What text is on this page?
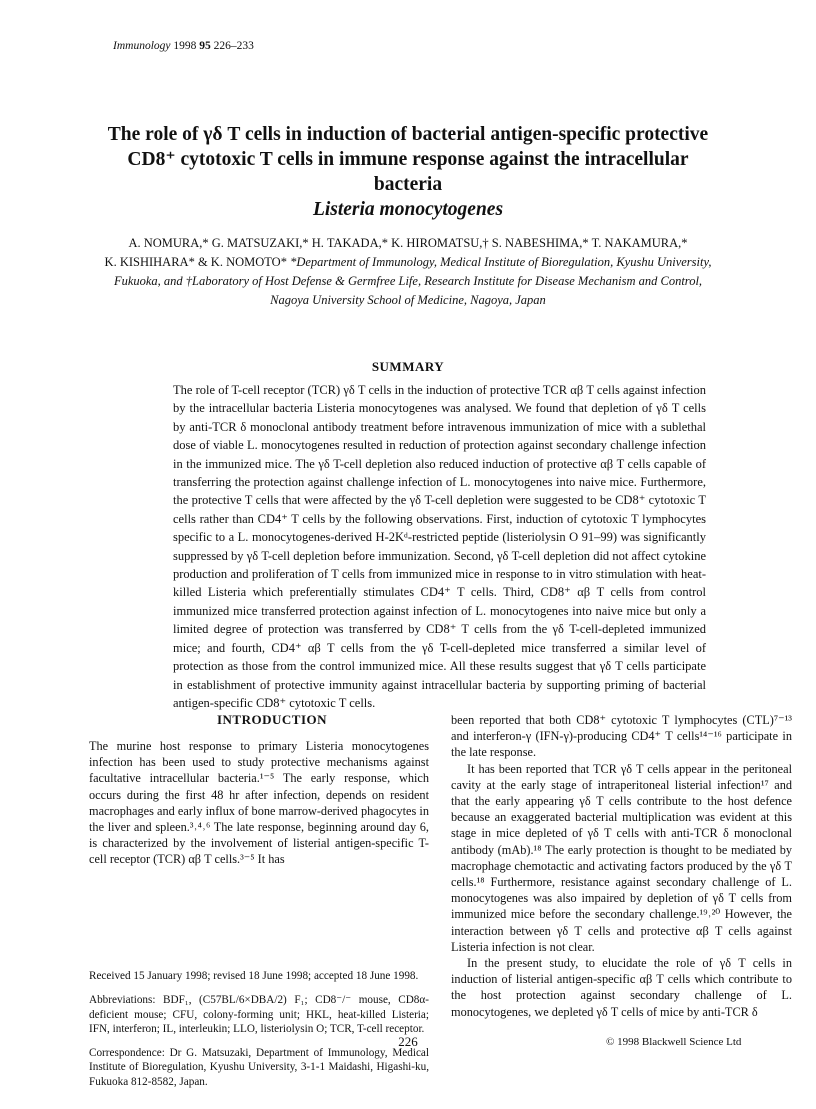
Immunology 1998 95 226–233
The role of γδ T cells in induction of bacterial antigen-specific protective
CD8⁺ cytotoxic T cells in immune response against the intracellular bacteria
Listeria monocytogenes
A. NOMURA,* G. MATSUZAKI,* H. TAKADA,* K. HIROMATSU,† S. NABESHIMA,* T. NAKAMURA,*
K. KISHIHARA* & K. NOMOTO* *Department of Immunology, Medical Institute of Bioregulation, Kyushu University, Fukuoka, and †Laboratory of Host Defense & Germfree Life, Research Institute for Disease Mechanism and Control, Nagoya University School of Medicine, Nagoya, Japan
SUMMARY
The role of T-cell receptor (TCR) γδ T cells in the induction of protective TCR αβ T cells against infection by the intracellular bacteria Listeria monocytogenes was analysed. We found that depletion of γδ T cells by anti-TCR δ monoclonal antibody treatment before intravenous immunization of mice with a sublethal dose of viable L. monocytogenes resulted in reduction of protection against secondary challenge infection in the immunized mice. The γδ T-cell depletion also reduced induction of protective αβ T cells capable of transferring the protection against challenge infection of L. monocytogenes into naive mice. Furthermore, the protective T cells that were affected by the γδ T-cell depletion were suggested to be CD8⁺ cytotoxic T cells rather than CD4⁺ T cells by the following observations. First, induction of cytotoxic T lymphocytes specific to a L. monocytogenes-derived H-2Kᵈ-restricted peptide (listeriolysin O 91–99) was significantly suppressed by γδ T-cell depletion before immunization. Second, γδ T-cell depletion did not affect cytokine production and proliferation of T cells from immunized mice in response to in vitro stimulation with heat-killed Listeria which preferentially stimulates CD4⁺ T cells. Third, CD8⁺ αβ T cells from control immunized mice transferred protection against infection of L. monocytogenes into naive mice but only a limited degree of protection was transferred by CD8⁺ T cells from the γδ T-cell-depleted immunized mice; and fourth, CD4⁺ αβ T cells from the γδ T-cell-depleted mice transferred a similar level of protection as those from the control immunized mice. All these results suggest that γδ T cells participate in establishment of protective immunity against intracellular bacteria by supporting priming of bacterial antigen-specific CD8⁺ cytotoxic T cells.
INTRODUCTION

The murine host response to primary Listeria monocytogenes infection has been used to study protective mechanisms against facultative intracellular bacteria.¹⁻⁵ The early response, which occurs during the first 48 hr after infection, depends on resident macrophages and early influx of bone marrow-derived phagocytes in the liver and spleen.³˒⁴˒⁶ The late response, beginning around day 6, is characterized by the involvement of listerial antigen-specific T-cell receptor (TCR) αβ T cells.³⁻⁵ It has

been reported that both CD8⁺ cytotoxic T lymphocytes (CTL)⁷⁻¹³ and interferon-γ (IFN-γ)-producing CD4⁺ T cells¹⁴⁻¹⁶ participate in the late response.

It has been reported that TCR γδ T cells appear in the peritoneal cavity at the early stage of intraperitoneal listerial infection¹⁷ and that the early appearing γδ T cells contribute to the host defence because an exaggerated bacterial multiplication was evident at this stage in mice depleted of γδ T cells with anti-TCR δ monoclonal antibody (mAb).¹⁸ The early protection is thought to be mediated by macrophage chemotactic and activating factors produced by the γδ T cells.¹⁸ Furthermore, resistance against secondary challenge of L. monocytogenes was also impaired by depletion of γδ T cells from immunized mice before the secondary challenge.¹⁹˒²⁰ However, the interaction between γδ T cells and protective αβ T cells against Listeria infection is not clear.

In the present study, to elucidate the role of γδ T cells in induction of listerial antigen-specific αβ T cells which contribute to the host protection against secondary challenge of L. monocytogenes, we depleted γδ T cells of mice by anti-TCR δ

Received 15 January 1998; revised 18 June 1998; accepted 18 June 1998.

Abbreviations: BDF₁, (C57BL/6×DBA/2) F₁; CD8⁻/⁻ mouse, CD8α-deficient mouse; CFU, colony-forming unit; HKL, heat-killed Listeria; IFN, interferon; IL, interleukin; LLO, listeriolysin O; TCR, T-cell receptor.

Correspondence: Dr G. Matsuzaki, Department of Immunology, Medical Institute of Bioregulation, Kyushu University, 3-1-1 Maidashi, Higashi-ku, Fukuoka 812-8582, Japan.

226	© 1998 Blackwell Science Ltd
